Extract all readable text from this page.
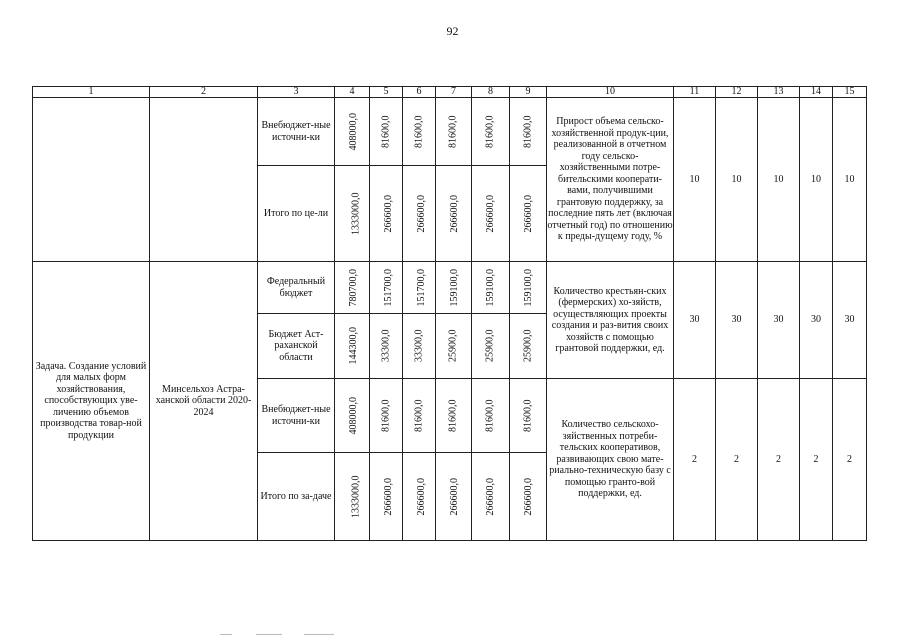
92
1	2	3	4	5	6	7	8	9	10	11	12	13	14	15
		Внебюджет-ные источни-ки	408000,0	81600,0	81600,0	81600,0	81600,0	81600,0	Прирост объема сельско-хозяйственной продук-ции, реализованной в отчетном году сельско-хозяйственными потре-бительскими кооперати-вами, получившими грантовую поддержку, за последние пять лет (включая отчетный год) по отношению к преды-дущему году, %	10	10	10	10	10
		Итого по це-ли	1333000,0	266600,0	266600,0	266600,0	266600,0	266600,0						
Задача. Создание условий для малых форм хозяйствования, способствующих уве-личению объемов производства товар-ной продукции	Минсельхоз Астра-ханской области 2020-2024	Федеральный бюджет	780700,0	151700,0	151700,0	159100,0	159100,0	159100,0	Количество крестьян-ских (фермерских) хо-зяйств, осуществляющих проекты создания и раз-вития своих хозяйств с помощью грантовой поддержки, ед.	30	30	30	30	30
		Бюджет Аст-раханской области	144300,0	33300,0	33300,0	25900,0	25900,0	25900,0						
		Внебюджет-ные источни-ки	408000,0	81600,0	81600,0	81600,0	81600,0	81600,0	Количество сельскохо-зяйственных потреби-тельских кооперативов, развивающих свою мате-риально-техническую базу с помощью гранто-вой поддержки, ед.	2	2	2	2	2
		Итого по за-даче	1333000,0	266600,0	266600,0	266600,0	266600,0	266600,0						
